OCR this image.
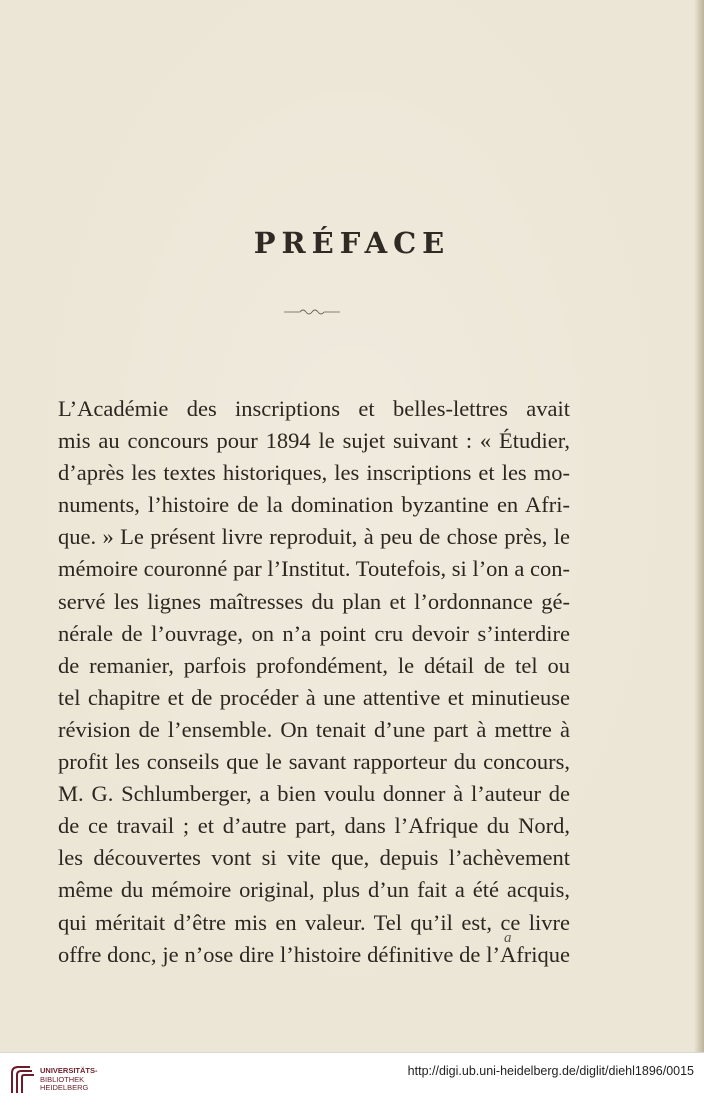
PRÉFACE
L’Académie des inscriptions et belles-lettres avait
mis au concours pour 1894 le sujet suivant : « Étudier,
d’après les textes historiques, les inscriptions et les mo-
numents, l’histoire de la domination byzantine en Afri-
que. » Le présent livre reproduit, à peu de chose près, le
mémoire couronné par l’Institut. Toutefois, si l’on a con-
servé les lignes maîtresses du plan et l’ordonnance gé-
nérale de l’ouvrage, on n’a point cru devoir s’interdire
de remanier, parfois profondément, le détail de tel ou
tel chapitre et de procéder à une attentive et minutieuse
révision de l’ensemble. On tenait d’une part à mettre à
profit les conseils que le savant rapporteur du concours,
M. G. Schlumberger, a bien voulu donner à l’auteur de
de ce travail ; et d’autre part, dans l’Afrique du Nord,
les découvertes vont si vite que, depuis l’achèvement
même du mémoire original, plus d’un fait a été acquis,
qui méritait d’être mis en valeur. Tel qu’il est, ce livre
offre donc, je n’ose dire l’histoire définitive de l’Afrique
a
UNIVERSITÄTS-
BIBLIOTHEK
HEIDELBERG
http://digi.ub.uni-heidelberg.de/diglit/diehl1896/0015
